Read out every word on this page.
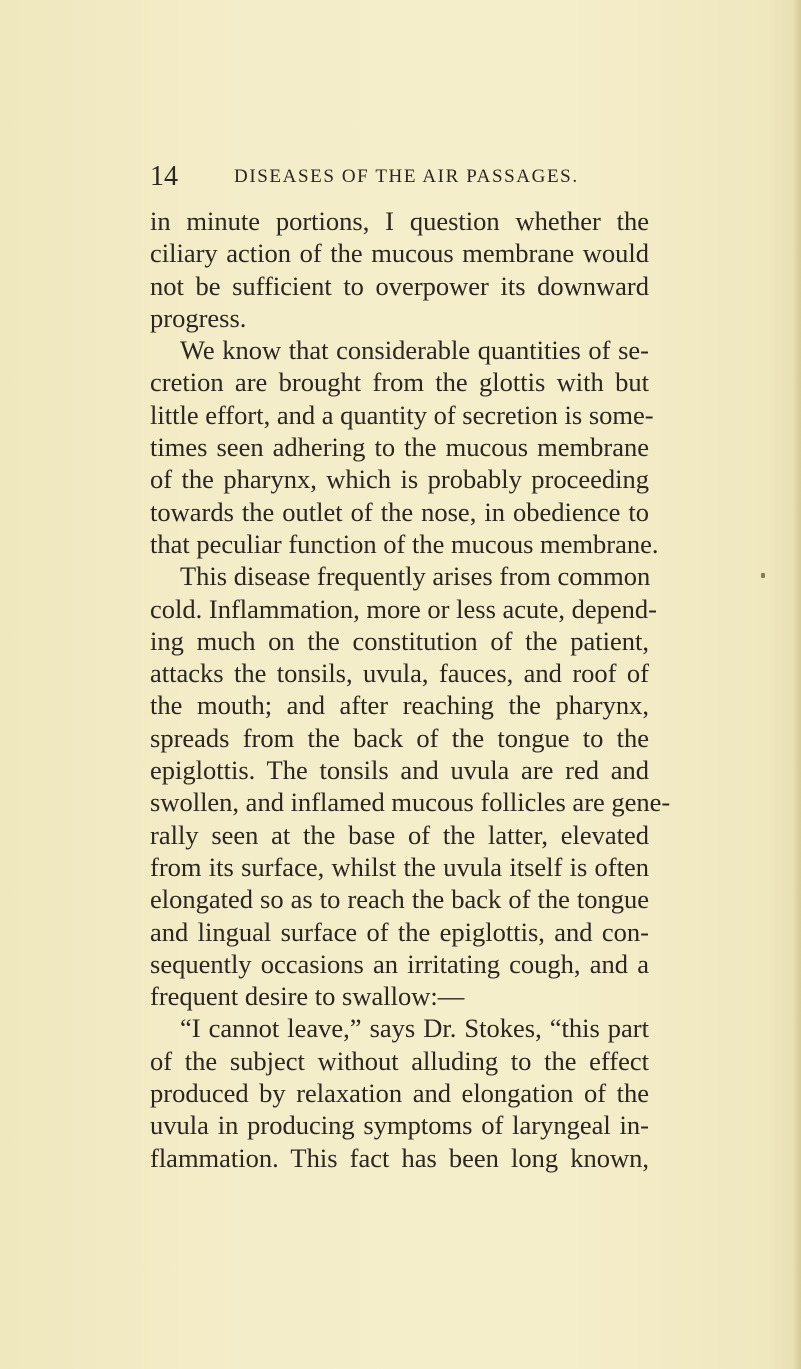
14	DISEASES OF THE AIR PASSAGES.
in minute portions, I question whether the
ciliary action of the mucous membrane would
not be sufficient to overpower its downward
progress.
We know that considerable quantities of se-
cretion are brought from the glottis with but
little effort, and a quantity of secretion is some-
times seen adhering to the mucous membrane
of the pharynx, which is probably proceeding
towards the outlet of the nose, in obedience to
that peculiar function of the mucous membrane.
This disease frequently arises from common
cold. Inflammation, more or less acute, depend-
ing much on the constitution of the patient,
attacks the tonsils, uvula, fauces, and roof of
the mouth; and after reaching the pharynx,
spreads from the back of the tongue to the
epiglottis. The tonsils and uvula are red and
swollen, and inflamed mucous follicles are gene-
rally seen at the base of the latter, elevated
from its surface, whilst the uvula itself is often
elongated so as to reach the back of the tongue
and lingual surface of the epiglottis, and con-
sequently occasions an irritating cough, and a
frequent desire to swallow:—
“I cannot leave,” says Dr. Stokes, “this part
of the subject without alluding to the effect
produced by relaxation and elongation of the
uvula in producing symptoms of laryngeal in-
flammation. This fact has been long known,
